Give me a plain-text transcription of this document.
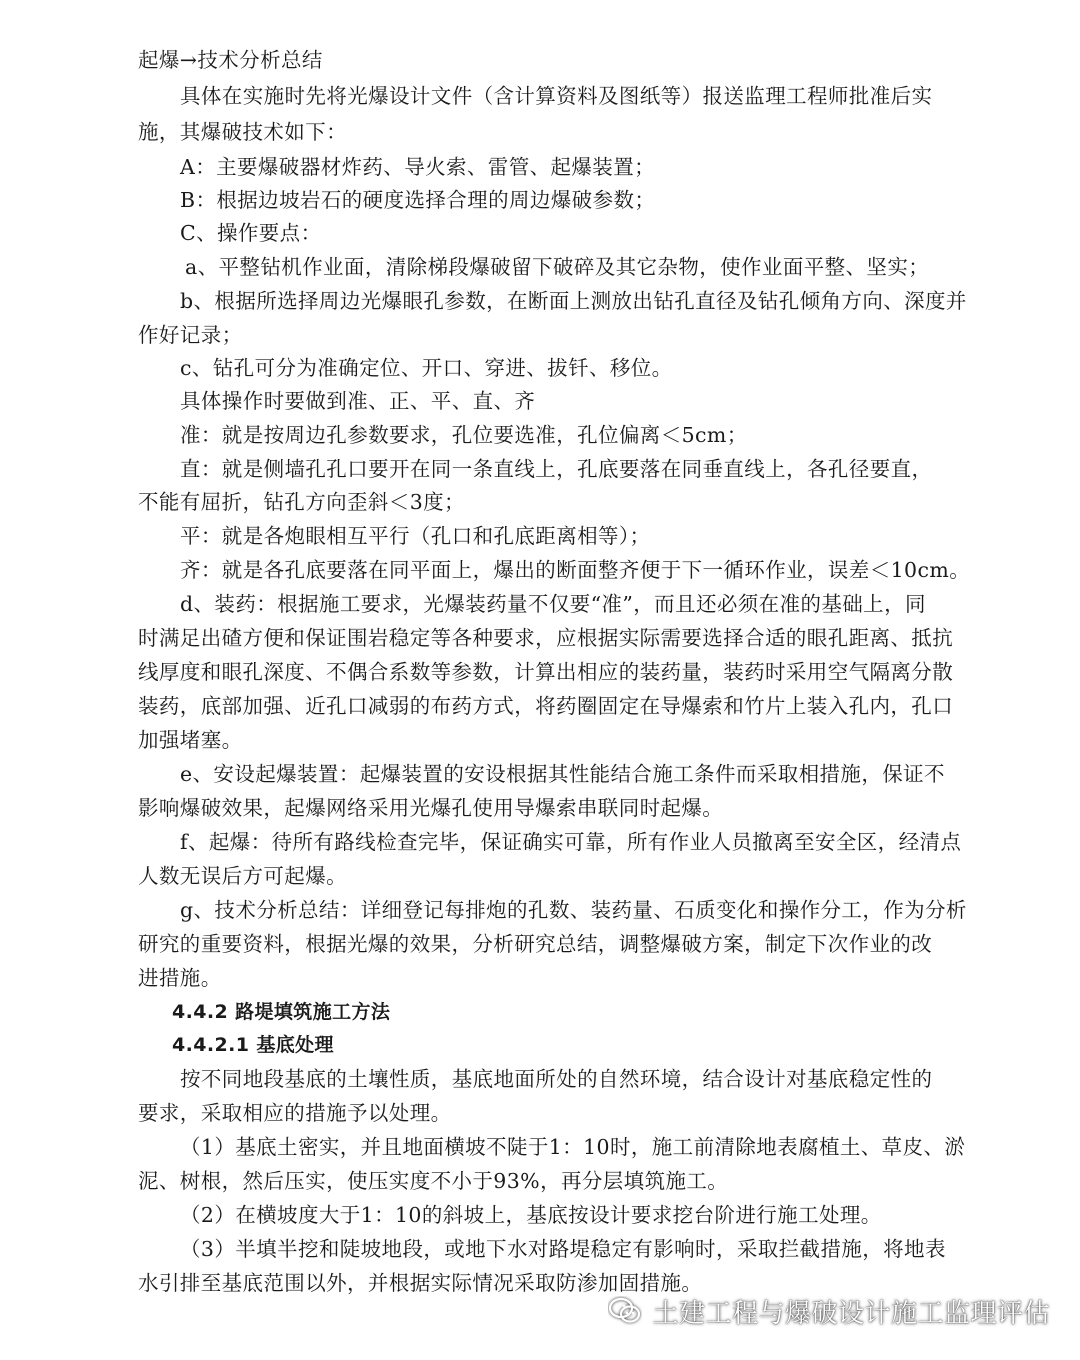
起爆→技术分析总结
具体在实施时先将光爆设计文件（含计算资料及图纸等）报送监理工程师批准后实
施，其爆破技术如下：
A：主要爆破器材炸药、导火索、雷管、起爆装置；
B：根据边坡岩石的硬度选择合理的周边爆破参数；
C、操作要点：
a、平整钻机作业面，清除梯段爆破留下破碎及其它杂物，使作业面平整、坚实；
b、根据所选择周边光爆眼孔参数，在断面上测放出钻孔直径及钻孔倾角方向、深度并
作好记录；
c、钻孔可分为准确定位、开口、穿进、拔钎、移位。
具体操作时要做到准、正、平、直、齐
准：就是按周边孔参数要求，孔位要选准，孔位偏离＜5cm；
直：就是侧墙孔孔口要开在同一条直线上，孔底要落在同垂直线上，各孔径要直，
不能有屈折，钻孔方向歪斜＜3度；
平：就是各炮眼相互平行（孔口和孔底距离相等）；
齐：就是各孔底要落在同平面上，爆出的断面整齐便于下一循环作业，误差＜10cm。
d、装药：根据施工要求，光爆装药量不仅要“准”，而且还必须在准的基础上，同
时满足出碴方便和保证围岩稳定等各种要求，应根据实际需要选择合适的眼孔距离、抵抗
线厚度和眼孔深度、不偶合系数等参数，计算出相应的装药量，装药时采用空气隔离分散
装药，底部加强、近孔口减弱的布药方式，将药圈固定在导爆索和竹片上装入孔内，孔口
加强堵塞。
e、安设起爆装置：起爆装置的安设根据其性能结合施工条件而采取相措施，保证不
影响爆破效果，起爆网络采用光爆孔使用导爆索串联同时起爆。
f、起爆：待所有路线检查完毕，保证确实可靠，所有作业人员撤离至安全区，经清点
人数无误后方可起爆。
g、技术分析总结：详细登记每排炮的孔数、装药量、石质变化和操作分工，作为分析
研究的重要资料，根据光爆的效果，分析研究总结，调整爆破方案，制定下次作业的改
进措施。
4.4.2 路堤填筑施工方法
4.4.2.1 基底处理
按不同地段基底的土壤性质，基底地面所处的自然环境，结合设计对基底稳定性的
要求，采取相应的措施予以处理。
（1）基底土密实，并且地面横坡不陡于1：10时，施工前清除地表腐植土、草皮、淤
泥、树根，然后压实，使压实度不小于93%，再分层填筑施工。
（2）在横坡度大于1：10的斜坡上，基底按设计要求挖台阶进行施工处理。
（3）半填半挖和陡坡地段，或地下水对路堤稳定有影响时，采取拦截措施，将地表
水引排至基底范围以外，并根据实际情况采取防渗加固措施。
土建工程与爆破设计施工监理评估
